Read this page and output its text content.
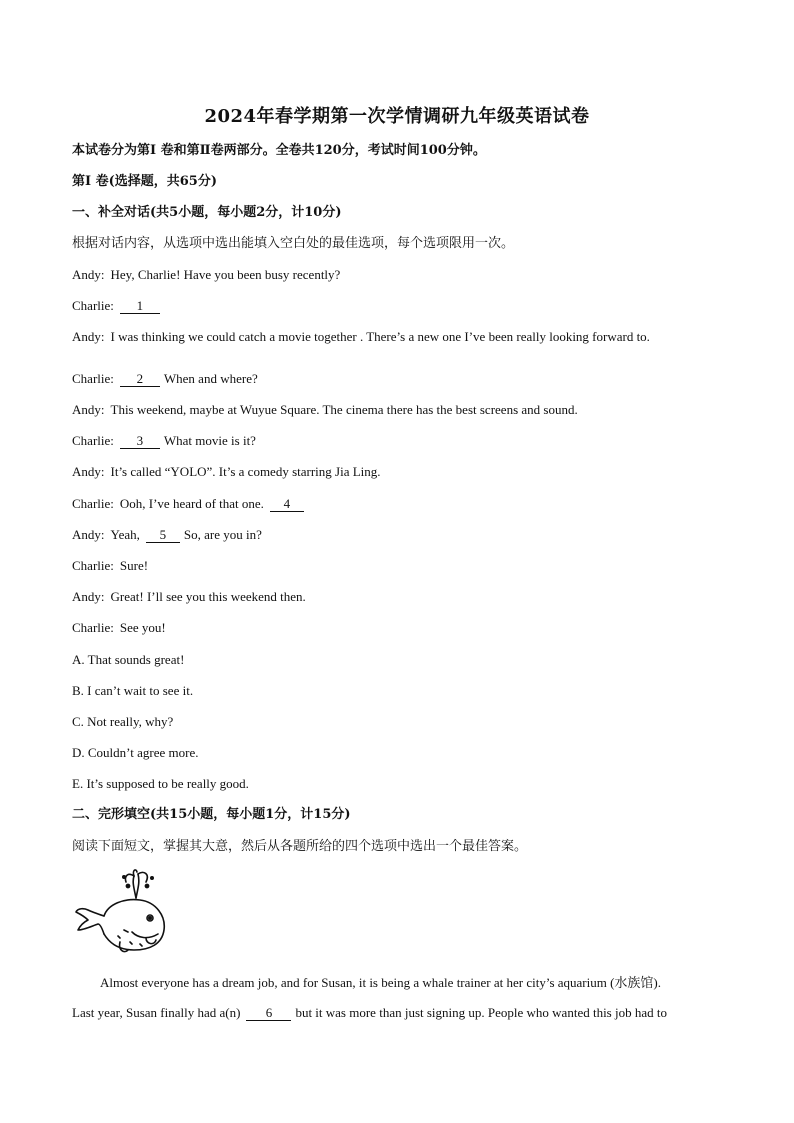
2024年春学期第一次学情调研九年级英语试卷
本试卷分为第Ⅰ 卷和第Ⅱ卷两部分。全卷共120分，考试时间100分钟。
第Ⅰ 卷(选择题，共65分)
一、补全对话(共5小题，每小题2分，计10分)
根据对话内容，从选项中选出能填入空白处的最佳选项，每个选项限用一次。
Andy: Hey, Charlie! Have you been busy recently?
Charlie: 1
Andy: I was thinking we could catch a movie together . There’s a new one I’ve been really looking forward to.
Charlie: 2 When and where?
Andy: This weekend, maybe at Wuyue Square. The cinema there has the best screens and sound.
Charlie: 3 What movie is it?
Andy: It’s called “YOLO”. It’s a comedy starring Jia Ling.
Charlie: Ooh, I’ve heard of that one. 4
Andy: Yeah, 5 So, are you in?
Charlie: Sure!
Andy: Great! I’ll see you this weekend then.
Charlie: See you!
A. That sounds great!
B. I can’t wait to see it.
C. Not really, why?
D. Couldn’t agree more.
E. It’s supposed to be really good.
二、完形填空(共15小题，每小题1分，计15分)
阅读下面短文，掌握其大意，然后从各题所给的四个选项中选出一个最佳答案。
Almost everyone has a dream job, and for Susan, it is being a whale trainer at her city’s aquarium (水族馆).
Last year, Susan finally had a(n) 6 but it was more than just signing up. People who wanted this job had to
